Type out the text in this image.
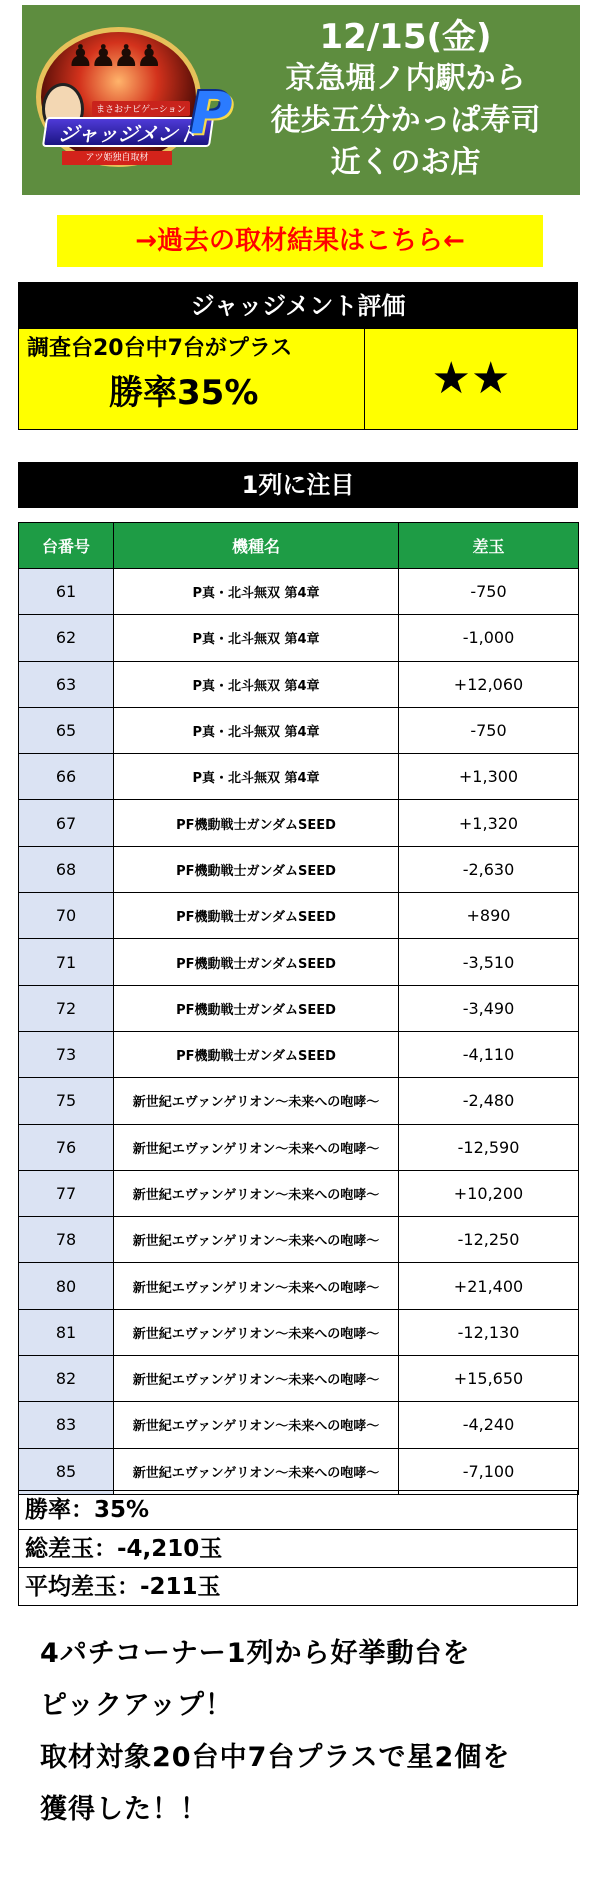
♟♟♟♟
まさおナビゲーション
ジャッジメント
アツ姫独自取材
P
12/15(金)
京急堀ノ内駅から
徒歩五分かっぱ寿司
近くのお店
→過去の取材結果はこちら←
ジャッジメント評価
調査台20台中7台がプラス
勝率35%	★★
1列に注目
台番号	機種名	差玉
61	P真・北斗無双 第4章	-750
62	P真・北斗無双 第4章	-1,000
63	P真・北斗無双 第4章	+12,060
65	P真・北斗無双 第4章	-750
66	P真・北斗無双 第4章	+1,300
67	PF機動戦士ガンダムSEED	+1,320
68	PF機動戦士ガンダムSEED	-2,630
70	PF機動戦士ガンダムSEED	+890
71	PF機動戦士ガンダムSEED	-3,510
72	PF機動戦士ガンダムSEED	-3,490
73	PF機動戦士ガンダムSEED	-4,110
75	新世紀エヴァンゲリオン～未来への咆哮～	-2,480
76	新世紀エヴァンゲリオン～未来への咆哮～	-12,590
77	新世紀エヴァンゲリオン～未来への咆哮～	+10,200
78	新世紀エヴァンゲリオン～未来への咆哮～	-12,250
80	新世紀エヴァンゲリオン～未来への咆哮～	+21,400
81	新世紀エヴァンゲリオン～未来への咆哮～	-12,130
82	新世紀エヴァンゲリオン～未来への咆哮～	+15,650
83	新世紀エヴァンゲリオン～未来への咆哮～	-4,240
85	新世紀エヴァンゲリオン～未来への咆哮～	-7,100
勝率：35%
総差玉：-4,210玉
平均差玉：-211玉
4パチコーナー1列から好挙動台を
ピックアップ！
取材対象20台中7台プラスで星2個を
獲得した！！
